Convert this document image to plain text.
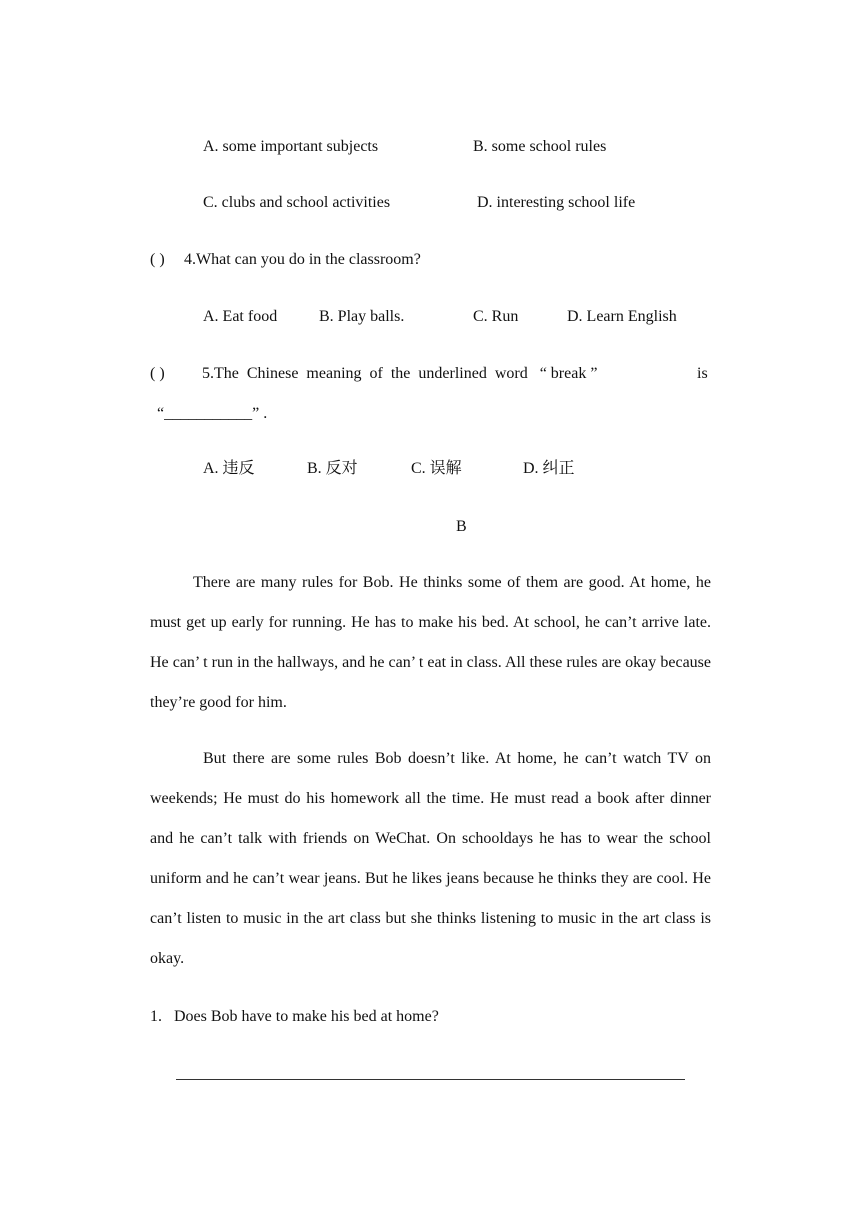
A. some important subjects	B. some school rules
C. clubs and school activities	D. interesting school life
( ) 4.What can you do in the classroom?
A. Eat food	B. Play balls.	C. Run	D. Learn English
( ) 5.The  Chinese  meaning  of  the  underlined  word   “ break ”	is
“___________” .
A. 违反	B. 反对	C. 误解	D. 纠正
B
There are many rules for Bob. He thinks some of them are good. At home, he must get up early for running. He has to make his bed. At school, he can’t arrive late. He can’ t run in the hallways, and he can’ t eat in class. All these rules are okay because they’re good for him.
But there are some rules Bob doesn’t like. At home, he can’t watch TV on weekends; He must do his homework all the time. He must read a book after dinner and he can’t talk with friends on WeChat. On schooldays he has to wear the school uniform and he can’t wear jeans. But he likes jeans because he thinks they are cool. He can’t listen to music in the art class but she thinks listening to music in the art class is okay.
1.   Does Bob have to make his bed at home?
